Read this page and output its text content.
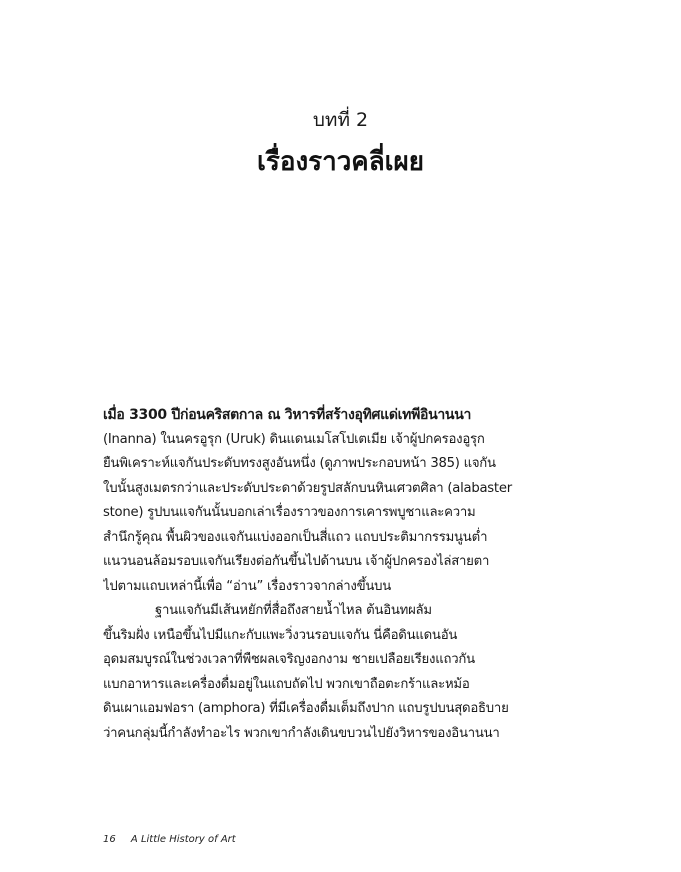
บทที่ 2
เรื่องราวคลี่เผย
เมื่อ 3300 ปีก่อนคริสตกาล ณ วิหารที่สร้างอุทิศแด่เทพีอินานนา
(Inanna) ในนครอูรุก (Uruk) ดินแดนเมโสโปเตเมีย เจ้าผู้ปกครองอูรุก
ยืนพิเคราะห์แจกันประดับทรงสูงอันหนึ่ง (ดูภาพประกอบหน้า 385) แจกัน
ใบนั้นสูงเมตรกว่าและประดับประดาด้วยรูปสลักบนหินเศวตศิลา (alabaster
stone) รูปบนแจกันนั้นบอกเล่าเรื่องราวของการเคารพบูชาและความ
สำนึกรู้คุณ พื้นผิวของแจกันแบ่งออกเป็นสี่แถว แถบประติมากรรมนูนต่ำ
แนวนอนล้อมรอบแจกันเรียงต่อกันขึ้นไปด้านบน เจ้าผู้ปกครองไล่สายตา
ไปตามแถบเหล่านี้เพื่อ “อ่าน” เรื่องราวจากล่างขึ้นบน
ฐานแจกันมีเส้นหยักที่สื่อถึงสายน้ำไหล ต้นอินทผลัม
ขึ้นริมฝั่ง เหนือขึ้นไปมีแกะกับแพะวิ่งวนรอบแจกัน นี่คือดินแดนอัน
อุดมสมบูรณ์ในช่วงเวลาที่พืชผลเจริญงอกงาม ชายเปลือยเรียงแถวกัน
แบกอาหารและเครื่องดื่มอยู่ในแถบถัดไป พวกเขาถือตะกร้าและหม้อ
ดินเผาแอมฟอรา (amphora) ที่มีเครื่องดื่มเต็มถึงปาก แถบรูปบนสุดอธิบาย
ว่าคนกลุ่มนี้กำลังทำอะไร พวกเขากำลังเดินขบวนไปยังวิหารของอินานนา
16 A Little History of Art
